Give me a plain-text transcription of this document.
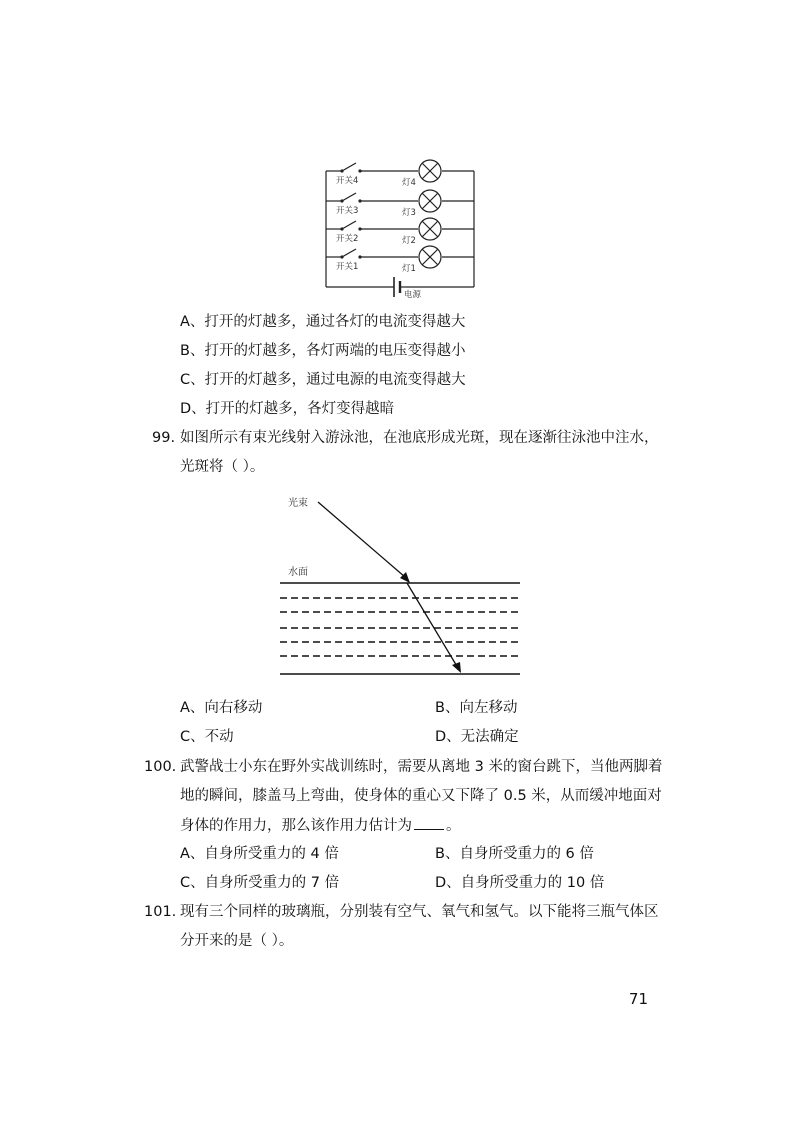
开关4
开关3
开关2
开关1
灯4
灯3
灯2
灯1
电源
A、打开的灯越多，通过各灯的电流变得越大
B、打开的灯越多，各灯两端的电压变得越小
C、打开的灯越多，通过电源的电流变得越大
D、打开的灯越多，各灯变得越暗
99. 如图所示有束光线射入游泳池，在池底形成光斑，现在逐渐往泳池中注水，
光斑将（ ）。
光束
水面
A、向右移动	B、向左移动
C、不动	D、无法确定
100. 武警战士小东在野外实战训练时，需要从离地 3 米的窗台跳下，当他两脚着
地的瞬间，膝盖马上弯曲，使身体的重心又下降了 0.5 米，从而缓冲地面对
身体的作用力，那么该作用力估计为 。
A、自身所受重力的 4 倍	B、自身所受重力的 6 倍
C、自身所受重力的 7 倍	D、自身所受重力的 10 倍
101. 现有三个同样的玻璃瓶，分别装有空气、氧气和氢气。以下能将三瓶气体区
分开来的是（ ）。
71
